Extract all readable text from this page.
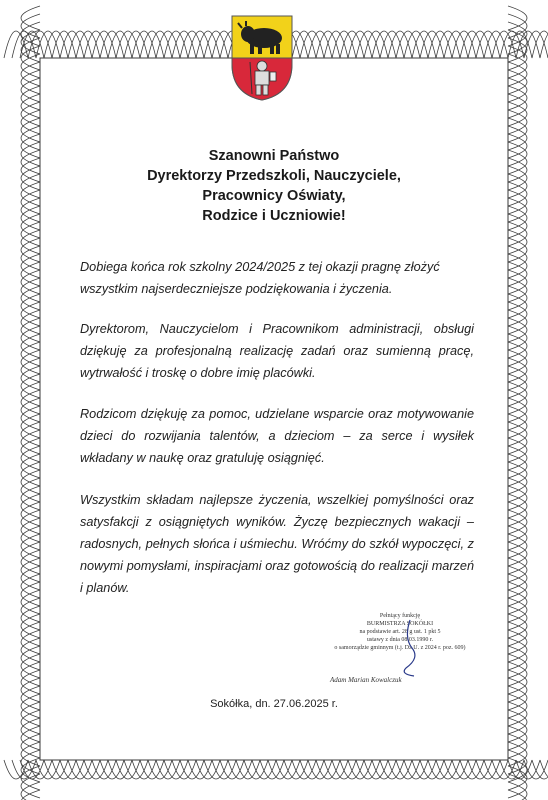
Szanowni Państwo
Dyrektorzy Przedszkoli, Nauczyciele,
Pracownicy Oświaty,
Rodzice i Uczniowie!
Dobiega końca rok szkolny 2024/2025 z tej okazji pragnę złożyć wszystkim najserdeczniejsze podziękowania i życzenia.
Dyrektorom, Nauczycielom i Pracownikom administracji, obsługi dziękuję za profesjonalną realizację zadań oraz sumienną pracę, wytrwałość i troskę o dobre imię placówki.
Rodzicom dziękuję za pomoc, udzielane wsparcie oraz motywowanie dzieci do rozwijania talentów, a dzieciom – za serce i wysiłek wkładany w naukę oraz gratuluję osiągnięć.
Wszystkim składam najlepsze życzenia, wszelkiej pomyślności oraz satysfakcji z osiągniętych wyników. Życzę bezpiecznych wakacji – radosnych, pełnych słońca i uśmiechu. Wróćmy do szkół wypoczęci, z nowymi pomysłami, inspiracjami oraz gotowością do realizacji marzeń i planów.
Pełniący funkcję
BURMISTRZA SOKÓŁKI
na podstawie art. 28 g ust. 1 pkt 5
ustawy z dnia 08.03.1990 r.
o samorządzie gminnym (t.j. Dz.U. z 2024 r. poz. 609)
Adam Marian Kowalczuk
Sokółka, dn. 27.06.2025 r.
